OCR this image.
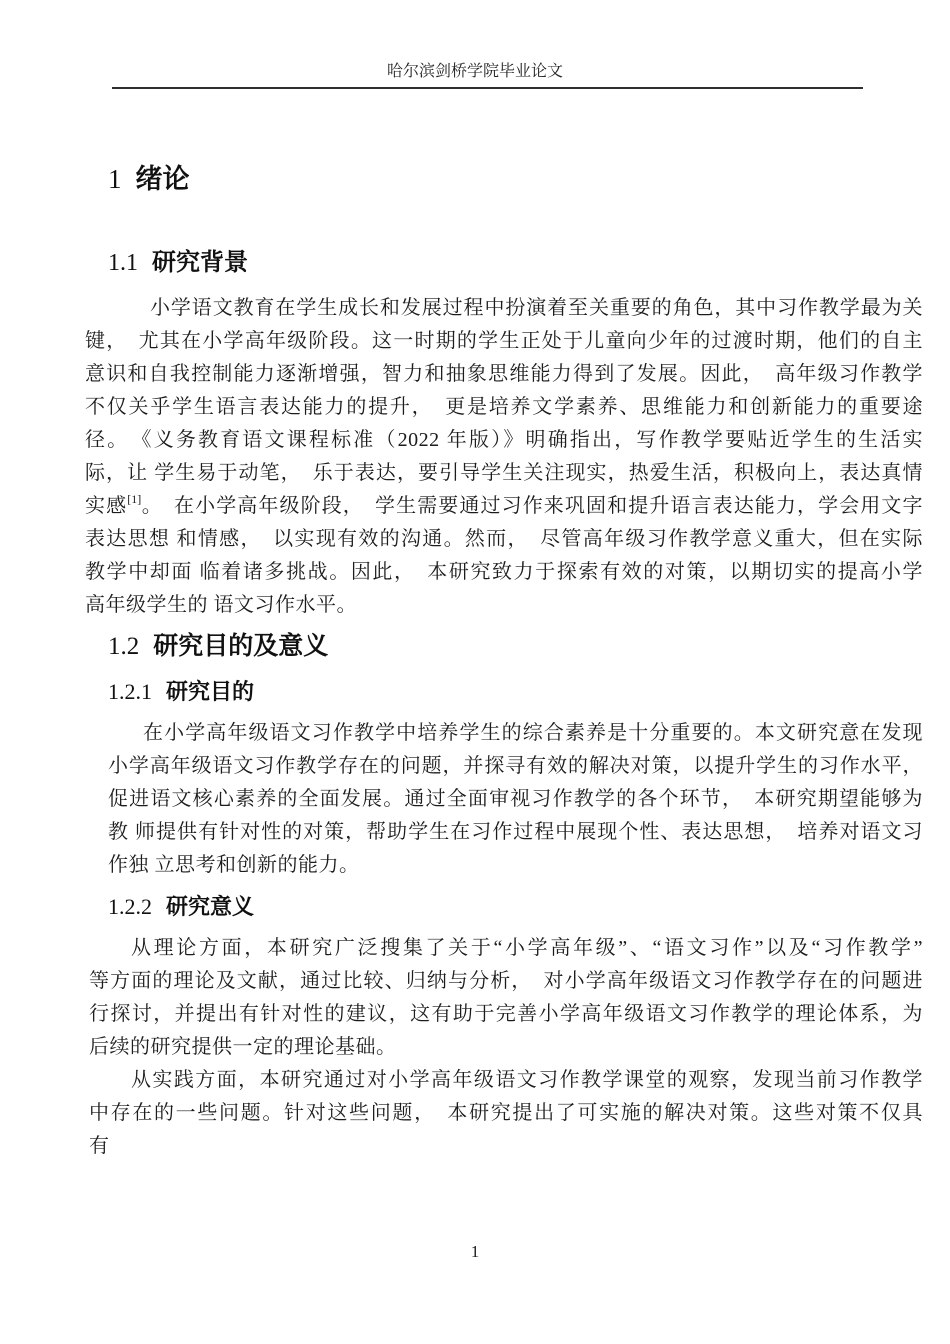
哈尔滨剑桥学院毕业论文
1 绪论
1.1 研究背景
小学语文教育在学生成长和发展过程中扮演着至关重要的角色，其中习作教学最为关
键，　尤其在小学高年级阶段。这一时期的学生正处于儿童向少年的过渡时期，他们的自主
意识和自我控制能力逐渐增强，智力和抽象思维能力得到了发展。因此，　高年级习作教学
不仅关乎学生语言表达能力的提升，　更是培养文学素养、思维能力和创新能力的重要途
径。　《义务教育语文课程标准（2022 年版）》明确指出，写作教学要贴近学生的生活实
际，让 学生易于动笔，　乐于表达，要引导学生关注现实，热爱生活，积极向上，表达真情
实感[1]。　在小学高年级阶段，　学生需要通过习作来巩固和提升语言表达能力，学会用文字
表达思想 和情感，　以实现有效的沟通。然而，　尽管高年级习作教学意义重大，但在实际
教学中却面 临着诸多挑战。因此，　本研究致力于探索有效的对策，以期切实的提高小学
高年级学生的 语文习作水平。
1.2 研究目的及意义
1.2.1 研究目的
在小学高年级语文习作教学中培养学生的综合素养是十分重要的。本文研究意在发现
小学高年级语文习作教学存在的问题，并探寻有效的解决对策，以提升学生的习作水平，
促进语文核心素养的全面发展。通过全面审视习作教学的各个环节，　本研究期望能够为
教 师提供有针对性的对策，帮助学生在习作过程中展现个性、表达思想，　培养对语文习
作独 立思考和创新的能力。
1.2.2 研究意义
从理论方面，本研究广泛搜集了关于“小学高年级”、“语文习作”以及“习作教学”
等方面的理论及文献，通过比较、归纳与分析，　对小学高年级语文习作教学存在的问题进
行探讨，并提出有针对性的建议，这有助于完善小学高年级语文习作教学的理论体系，为
后续的研究提供一定的理论基础。
从实践方面，本研究通过对小学高年级语文习作教学课堂的观察，发现当前习作教学
中存在的一些问题。针对这些问题，　本研究提出了可实施的解决对策。这些对策不仅具
有
1
